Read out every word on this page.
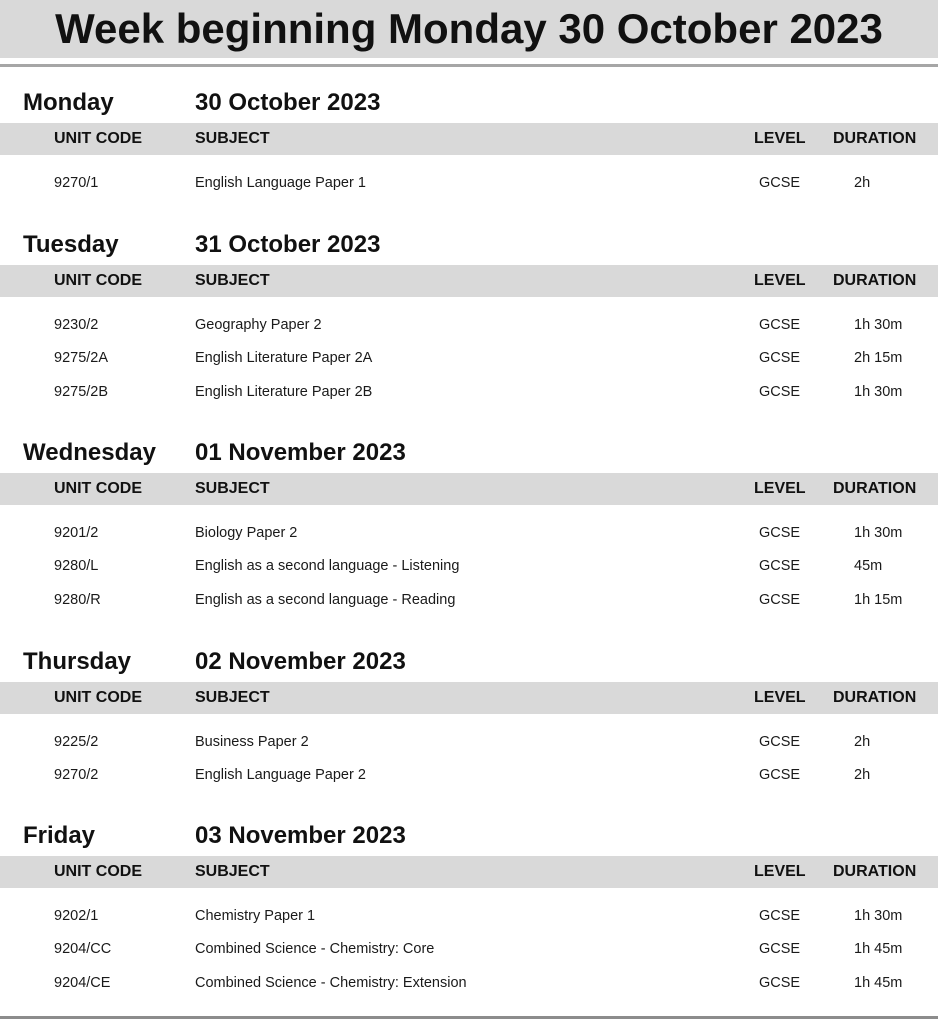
Week beginning Monday 30 October 2023
Monday	30 October 2023
UNIT CODE	SUBJECT	LEVEL DURATION
9270/1	English Language Paper 1	GCSE	2h
Tuesday	31 October 2023
UNIT CODE	SUBJECT	LEVEL DURATION
9230/2	Geography Paper 2	GCSE	1h 30m
9275/2A	English Literature Paper 2A	GCSE	2h 15m
9275/2B	English Literature Paper 2B	GCSE	1h 30m
Wednesday 01 November 2023
UNIT CODE	SUBJECT	LEVEL DURATION
9201/2	Biology Paper 2	GCSE	1h 30m
9280/L	English as a second language - Listening	GCSE	45m
9280/R	English as a second language - Reading	GCSE	1h 15m
Thursday	02 November 2023
UNIT CODE	SUBJECT	LEVEL DURATION
9225/2	Business Paper 2	GCSE	2h
9270/2	English Language Paper 2	GCSE	2h
Friday	03 November 2023
UNIT CODE	SUBJECT	LEVEL DURATION
9202/1	Chemistry Paper 1	GCSE	1h 30m
9204/CC	Combined Science - Chemistry: Core	GCSE	1h 45m
9204/CE	Combined Science - Chemistry: Extension	GCSE	1h 45m
